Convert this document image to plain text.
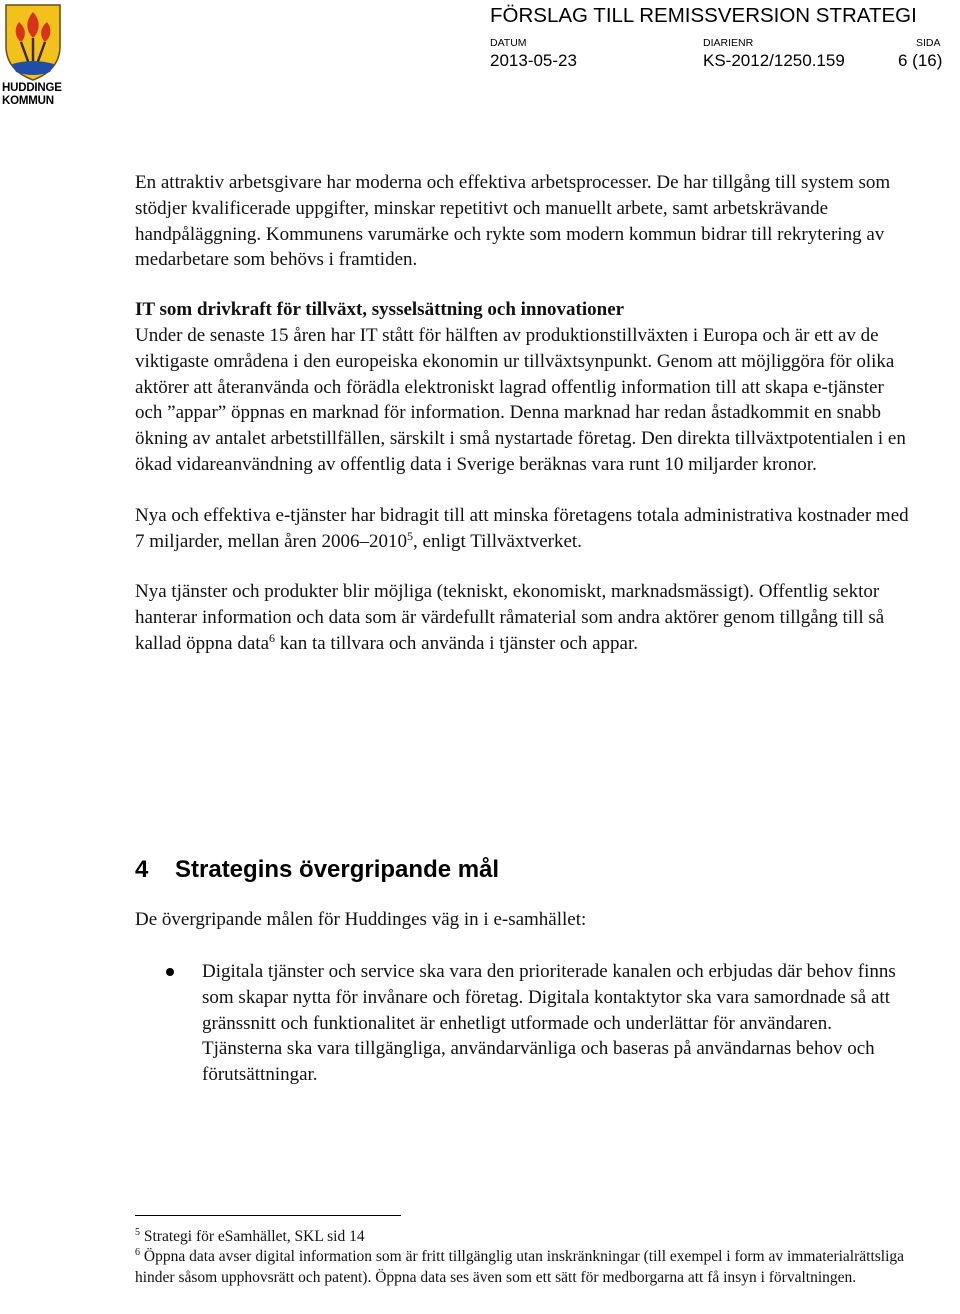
HUDDINGE
KOMMUN
FÖRSLAG TILL REMISSVERSION STRATEGI
DATUM	DIARIENR	SIDA
2013-05-23	KS-2012/1250.159	6 (16)

En attraktiv arbetsgivare har moderna och effektiva arbetsprocesser. De har tillgång till system som stödjer kvalificerade uppgifter, minskar repetitivt och manuellt arbete, samt arbetskrävande handpåläggning. Kommunens varumärke och rykte som modern kommun bidrar till rekrytering av medarbetare som behövs i framtiden.

IT som drivkraft för tillväxt, sysselsättning och innovationer

Under de senaste 15 åren har IT stått för hälften av produktionstillväxten i Europa och är ett av de viktigaste områdena i den europeiska ekonomin ur tillväxtsynpunkt. Genom att möjliggöra för olika aktörer att återanvända och förädla elektroniskt lagrad offentlig information till att skapa e-tjänster och ”appar” öppnas en marknad för information. Denna marknad har redan åstadkommit en snabb ökning av antalet arbetstillfällen, särskilt i små nystartade företag. Den direkta tillväxtpotentialen i en ökad vidareanvändning av offentlig data i Sverige beräknas vara runt 10 miljarder kronor.

Nya och effektiva e-tjänster har bidragit till att minska företagens totala administrativa kostnader med 7 miljarder, mellan åren 2006–2010$^5$, enligt Tillväxtverket.

Nya tjänster och produkter blir möjliga (tekniskt, ekonomiskt, marknadsmässigt). Offentlig sektor hanterar information och data som är värdefullt råmaterial som andra aktörer genom tillgång till så kallad öppna data$^6$ kan ta tillvara och använda i tjänster och appar.

4 Strategins övergripande mål

De övergripande målen för Huddinges väg in i e-samhället:

Digitala tjänster och service ska vara den prioriterade kanalen och erbjudas där behov finns som skapar nytta för invånare och företag. Digitala kontaktytor ska vara samordnade så att gränssnitt och funktionalitet är enhetligt utformade och underlättar för användaren. Tjänsterna ska vara tillgängliga, användarvänliga och baseras på användarnas behov och förutsättningar.

$^5$ Strategi för eSamhället, SKL sid 14

$^6$ Öppna data avser digital information som är fritt tillgänglig utan inskränkningar (till exempel i form av immaterialrättsliga hinder såsom upphovsrätt och patent). Öppna data ses även som ett sätt för medborgarna att få insyn i förvaltningen.
